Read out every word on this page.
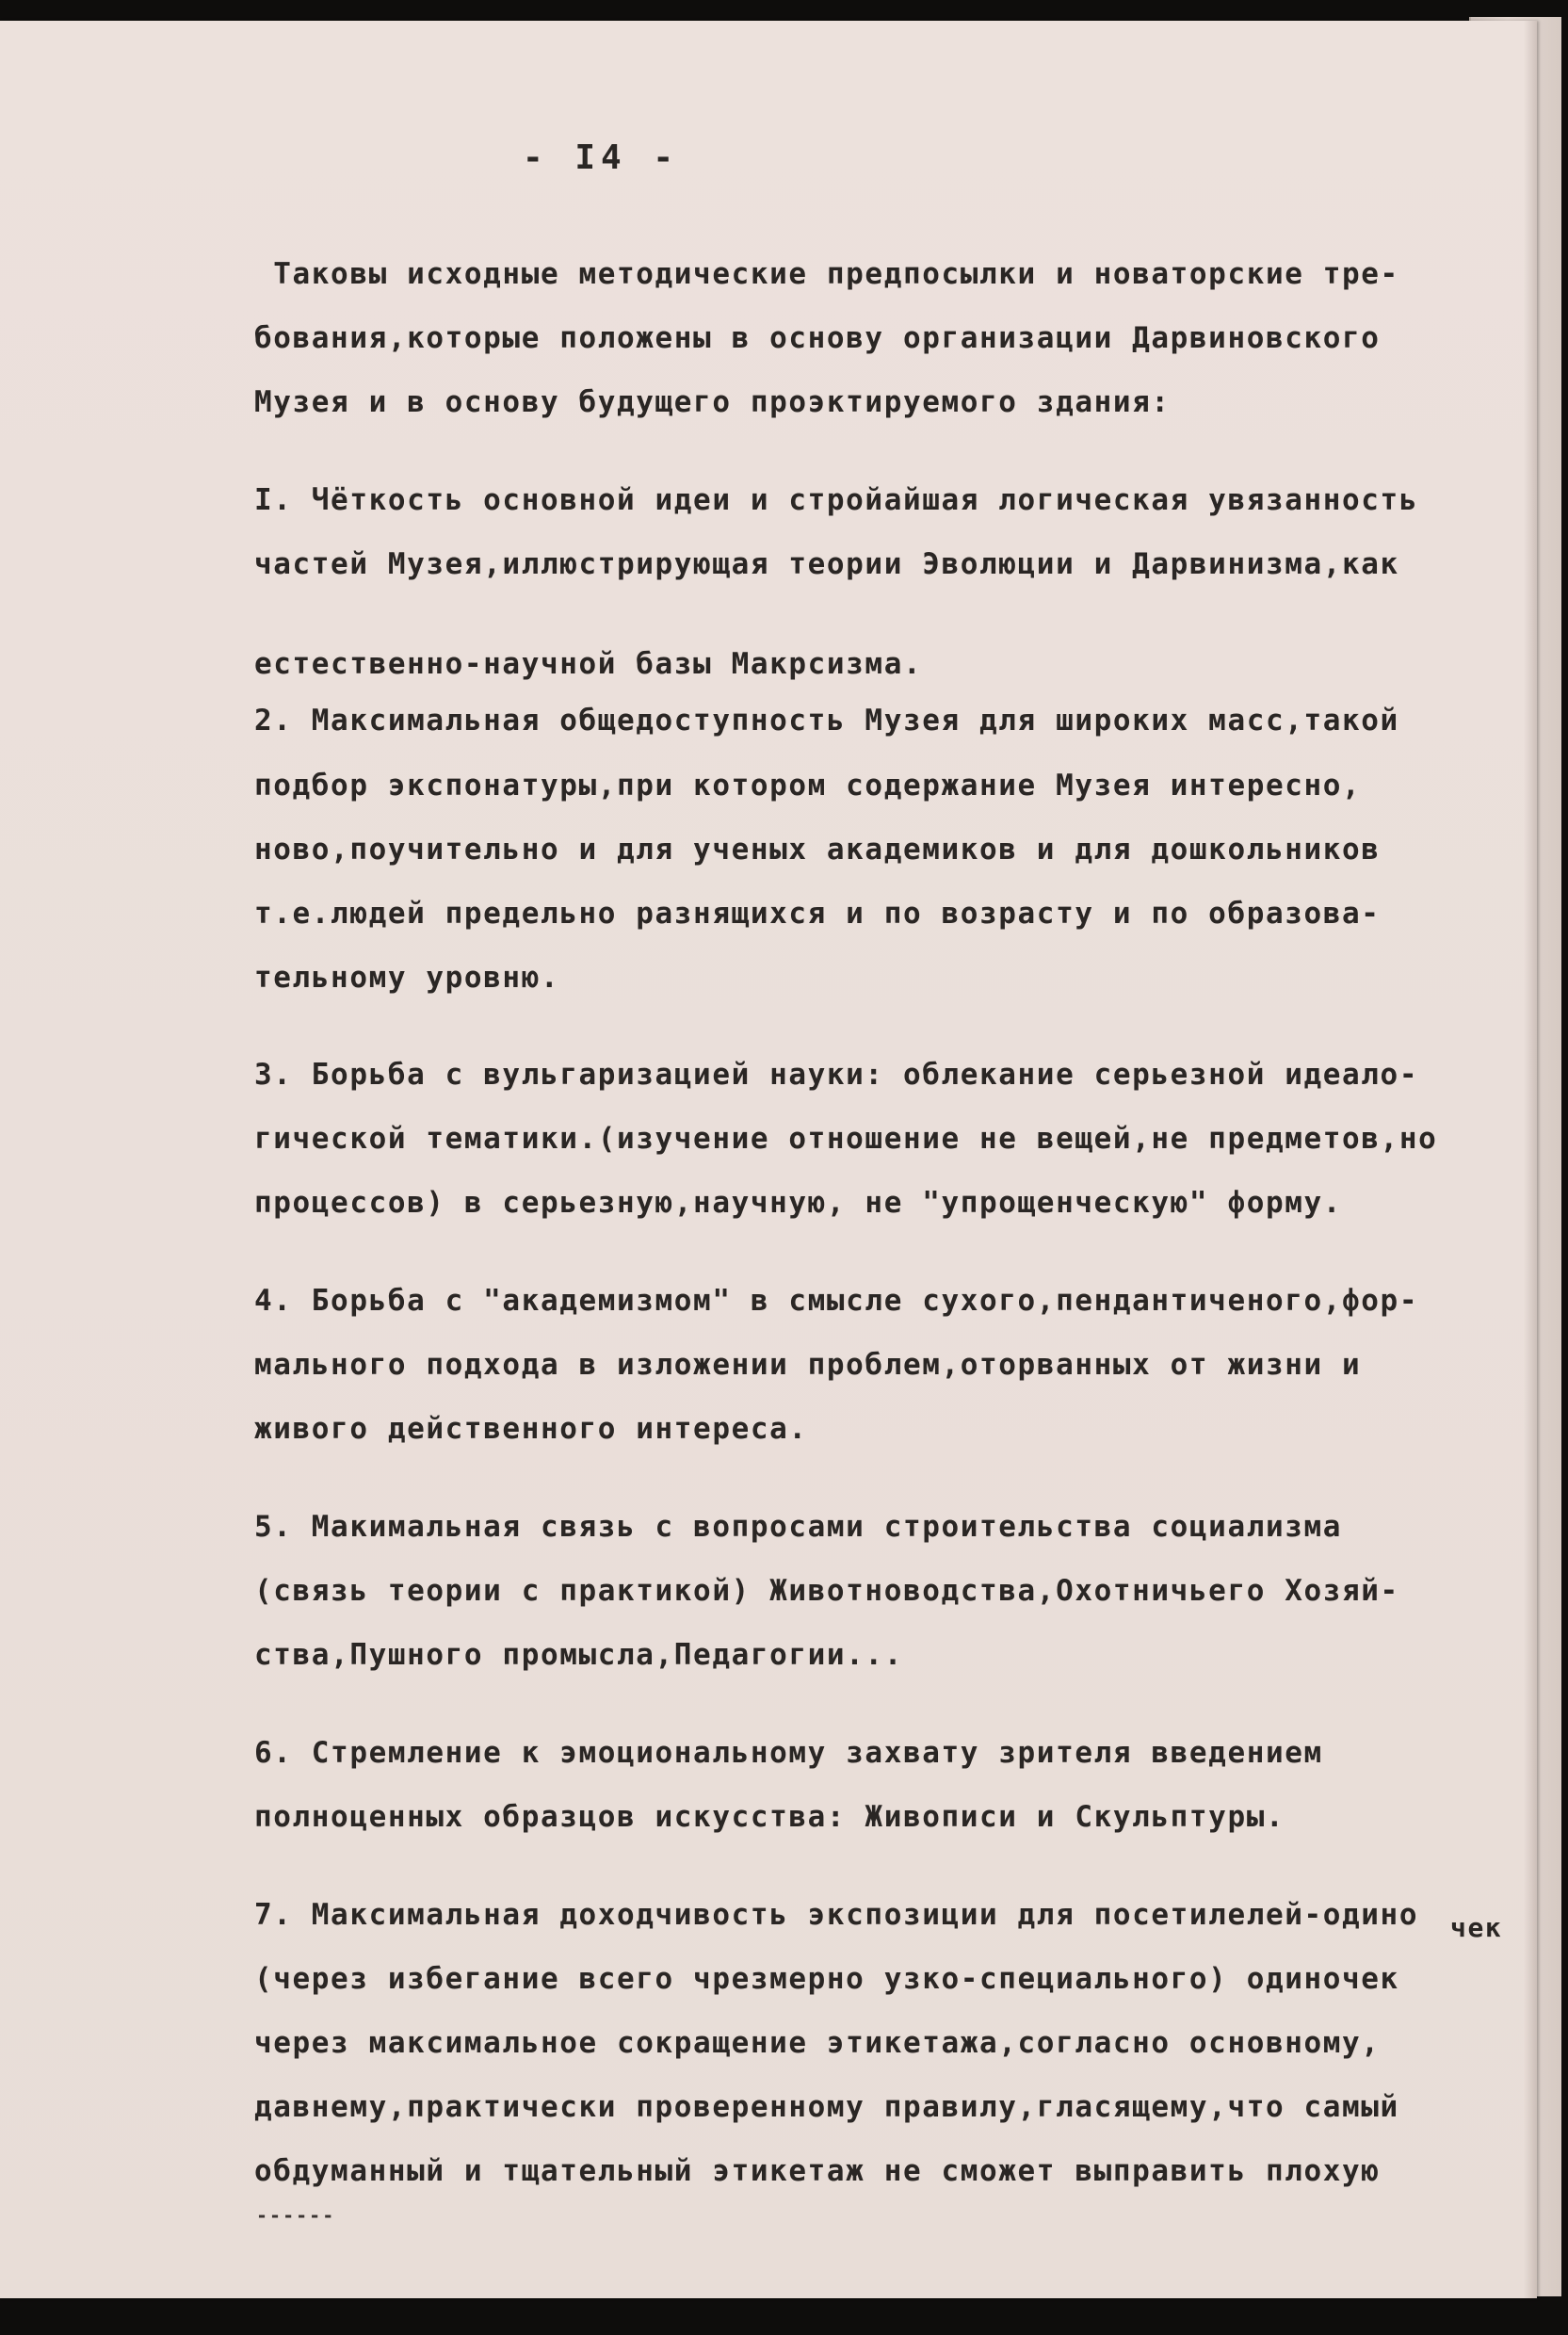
- I4 -
Таковы исходные методические предпосылки и новаторские тре-
бования,которые положены в основу организации Дарвиновского
Музея и в основу будущего проэктируемого здания:
I. Чёткость основной идеи и стройайшая логическая увязанность
частей Музея,иллюстрирующая теории Эволюции и Дарвинизма,как
естественно-научной базы Макрсизма.
2. Максимальная общедоступность Музея для широких масс,такой
подбор экспонатуры,при котором содержание Музея интересно,
ново,поучительно и для ученых академиков и для дошкольников
т.е.людей предельно разнящихся и по возрасту и по образова-
тельному уровню.
3. Борьба с вульгаризацией науки: облекание серьезной идеало-
гической тематики.(изучение отношение не вещей,не предметов,но
процессов) в серьезную,научную, не "упрощенческую" форму.
4. Борьба с "академизмом" в смысле сухого,пендантиченого,фор-
мального подхода в изложении проблем,оторванных от жизни и
живого действенного интереса.
5. Макимальная связь с вопросами строительства социализма
(связь теории с практикой) Животноводства,Охотничьего Хозяй-
ства,Пушного промысла,Педагогии...
6. Стремление к эмоциональному захвату зрителя введением
полноценных образцов искусства: Живописи и Скульптуры.
7. Максимальная доходчивость экспозиции для посетилелей-одино чек
(через избегание всего чрезмерно узко-специального) одиночек
через максимальное сокращение этикетажа,согласно основному,
давнему,практически проверенному правилу,гласящему,что самый
обдуманный и тщательный этикетаж не сможет выправить плохую
------
